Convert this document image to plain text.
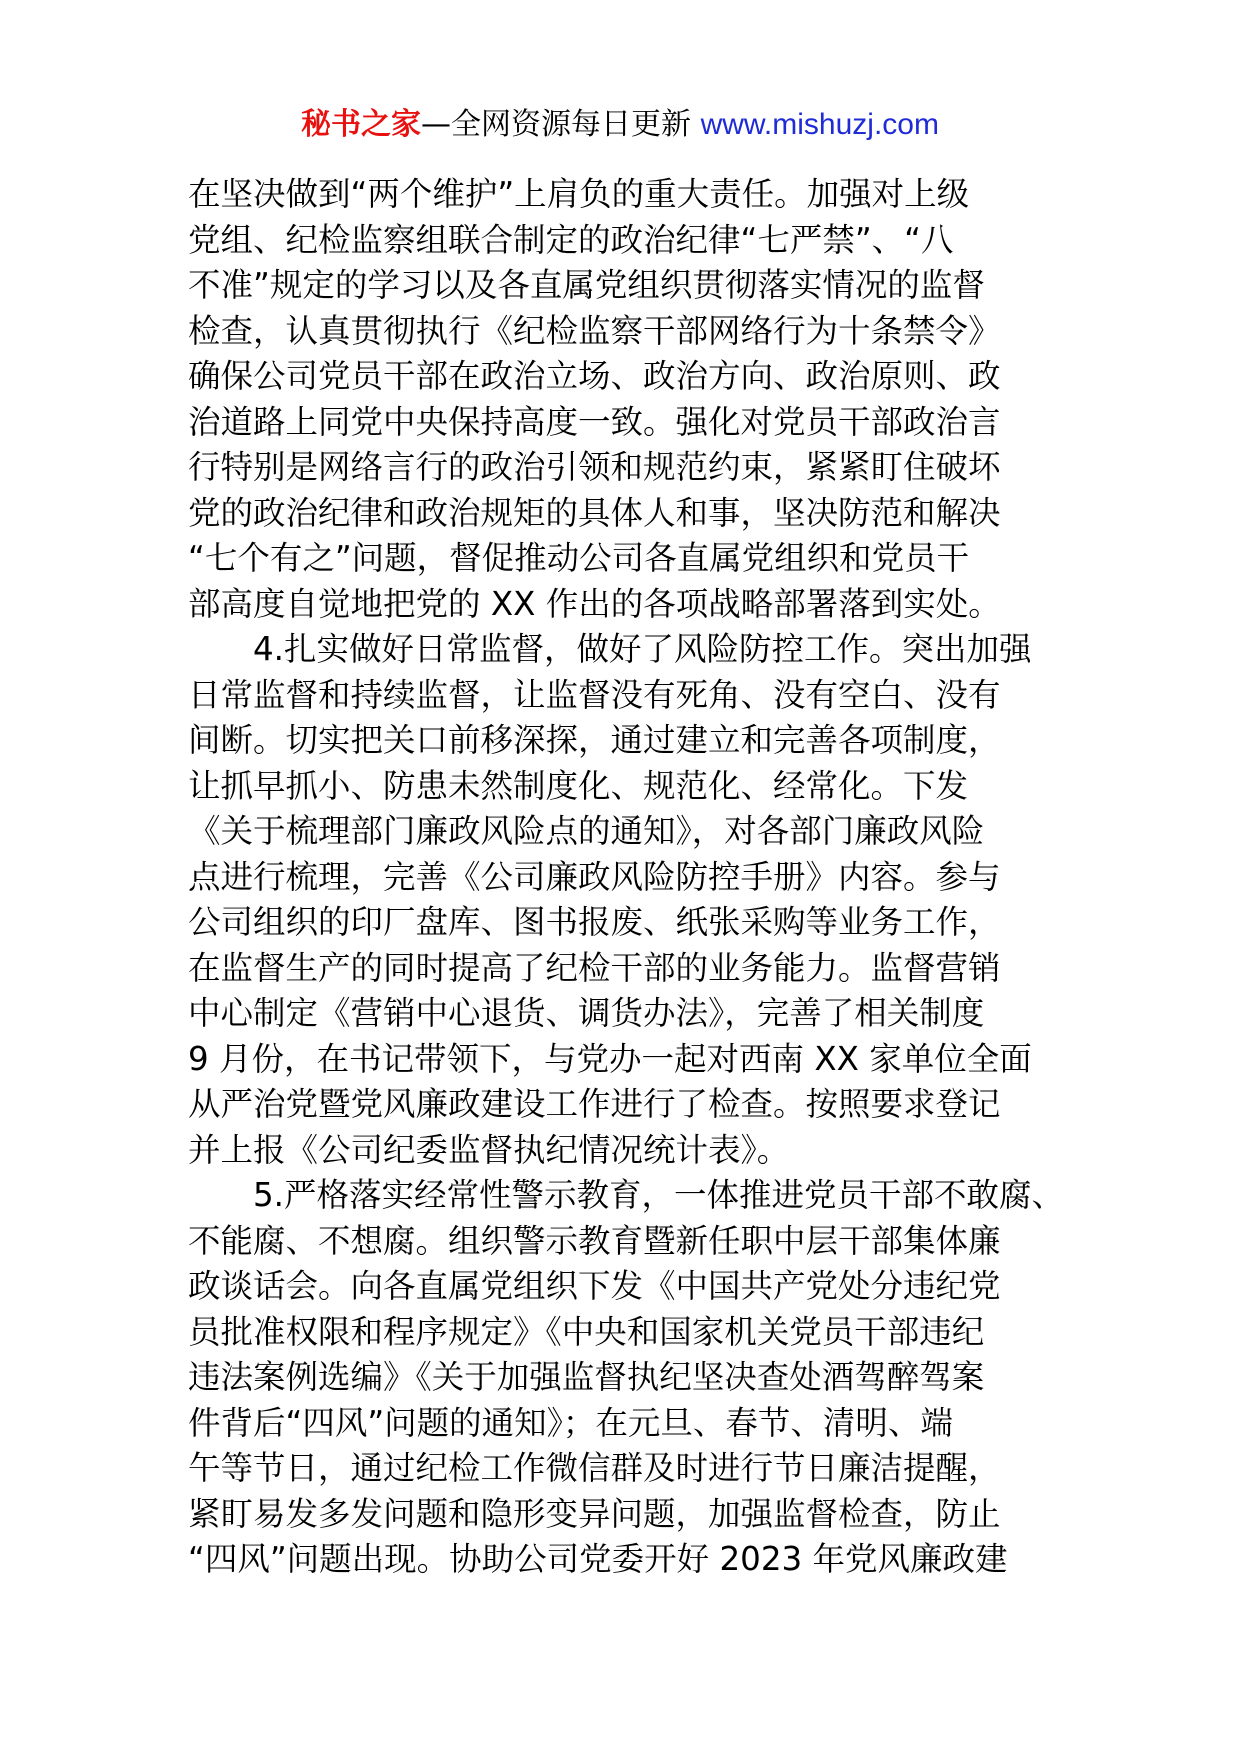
秘书之家—全网资源每日更新 www.mishuzj.com
在坚决做到“两个维护”上肩负的重大责任。加强对上级
党组、纪检监察组联合制定的政治纪律“七严禁”、“八
不准”规定的学习以及各直属党组织贯彻落实情况的监督
检查，认真贯彻执行《纪检监察干部网络行为十条禁令》
确保公司党员干部在政治立场、政治方向、政治原则、政
治道路上同党中央保持高度一致。强化对党员干部政治言
行特别是网络言行的政治引领和规范约束，紧紧盯住破坏
党的政治纪律和政治规矩的具体人和事，坚决防范和解决
“七个有之”问题，督促推动公司各直属党组织和党员干
部高度自觉地把党的 XX 作出的各项战略部署落到实处。
4.扎实做好日常监督，做好了风险防控工作。突出加强
日常监督和持续监督，让监督没有死角、没有空白、没有
间断。切实把关口前移深探，通过建立和完善各项制度，
让抓早抓小、防患未然制度化、规范化、经常化。下发
《关于梳理部门廉政风险点的通知》，对各部门廉政风险
点进行梳理，完善《公司廉政风险防控手册》内容。参与
公司组织的印厂盘库、图书报废、纸张采购等业务工作，
在监督生产的同时提高了纪检干部的业务能力。监督营销
中心制定《营销中心退货、调货办法》，完善了相关制度
9 月份，在书记带领下，与党办一起对西南 XX 家单位全面
从严治党暨党风廉政建设工作进行了检查。按照要求登记
并上报《公司纪委监督执纪情况统计表》。
5.严格落实经常性警示教育，一体推进党员干部不敢腐、
不能腐、不想腐。组织警示教育暨新任职中层干部集体廉
政谈话会。向各直属党组织下发《中国共产党处分违纪党
员批准权限和程序规定》《中央和国家机关党员干部违纪
违法案例选编》《关于加强监督执纪坚决查处酒驾醉驾案
件背后“四风”问题的通知》；在元旦、春节、清明、端
午等节日，通过纪检工作微信群及时进行节日廉洁提醒，
紧盯易发多发问题和隐形变异问题，加强监督检查，防止
“四风”问题出现。协助公司党委开好 2023 年党风廉政建
